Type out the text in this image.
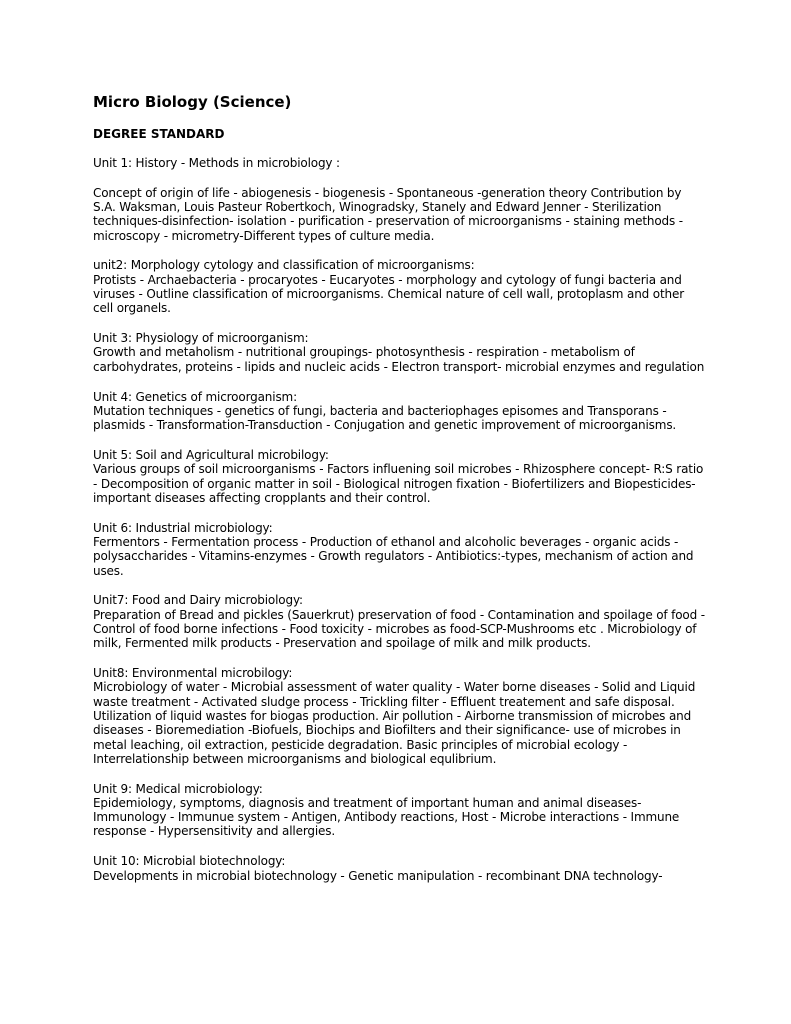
Micro Biology (Science)
DEGREE STANDARD

Unit 1: History - Methods in microbiology :

Concept of origin of life - abiogenesis - biogenesis - Spontaneous -generation theory Contribution by S.A. Waksman, Louis Pasteur Robertkoch, Winogradsky, Stanely and Edward Jenner - Sterilization techniques-disinfection- isolation - purification - preservation of microorganisms - staining methods - microscopy - micrometry-Different types of culture media.

unit2: Morphology cytology and classification of microorganisms:

Protists - Archaebacteria - procaryotes - Eucaryotes - morphology and cytology of fungi bacteria and viruses - Outline classification of microorganisms. Chemical nature of cell wall, protoplasm and other cell organels.

Unit 3: Physiology of microorganism:

Growth and metaholism - nutritional groupings- photosynthesis - respiration - metabolism of carbohydrates, proteins - lipids and nucleic acids - Electron transport- microbial enzymes and regulation

Unit 4: Genetics of microorganism:

Mutation techniques - genetics of fungi, bacteria and bacteriophages episomes and Transporans - plasmids - Transformation-Transduction - Conjugation and genetic improvement of microorganisms.

Unit 5: Soil and Agricultural microbilogy:

Various groups of soil microorganisms - Factors influening soil microbes - Rhizosphere concept- R:S ratio - Decomposition of organic matter in soil - Biological nitrogen fixation - Biofertilizers and Biopesticides- important diseases affecting cropplants and their control.

Unit 6: Industrial microbiology:

Fermentors - Fermentation process - Production of ethanol and alcoholic beverages - organic acids - polysaccharides - Vitamins-enzymes - Growth regulators - Antibiotics:-types, mechanism of action and uses.

Unit7: Food and Dairy microbiology:

Preparation of Bread and pickles (Sauerkrut) preservation of food - Contamination and spoilage of food - Control of food borne infections - Food toxicity - microbes as food-SCP-Mushrooms etc . Microbiology of milk, Fermented milk products - Preservation and spoilage of milk and milk products.

Unit8: Environmental microbilogy:

Microbiology of water - Microbial assessment of water quality - Water borne diseases - Solid and Liquid waste treatment - Activated sludge process - Trickling filter - Effluent treatement and safe disposal. Utilization of liquid wastes for biogas production. Air pollution - Airborne transmission of microbes and diseases - Bioremediation -Biofuels, Biochips and Biofilters and their significance- use of microbes in metal leaching, oil extraction, pesticide degradation. Basic principles of microbial ecology - Interrelationship between microorganisms and biological equlibrium.

Unit 9: Medical microbiology:

Epidemiology, symptoms, diagnosis and treatment of important human and animal diseases- Immunology - Immunue system - Antigen, Antibody reactions, Host - Microbe interactions - Immune response - Hypersensitivity and allergies.

Unit 10: Microbial biotechnology:

Developments in microbial biotechnology - Genetic manipulation - recombinant DNA technology-
